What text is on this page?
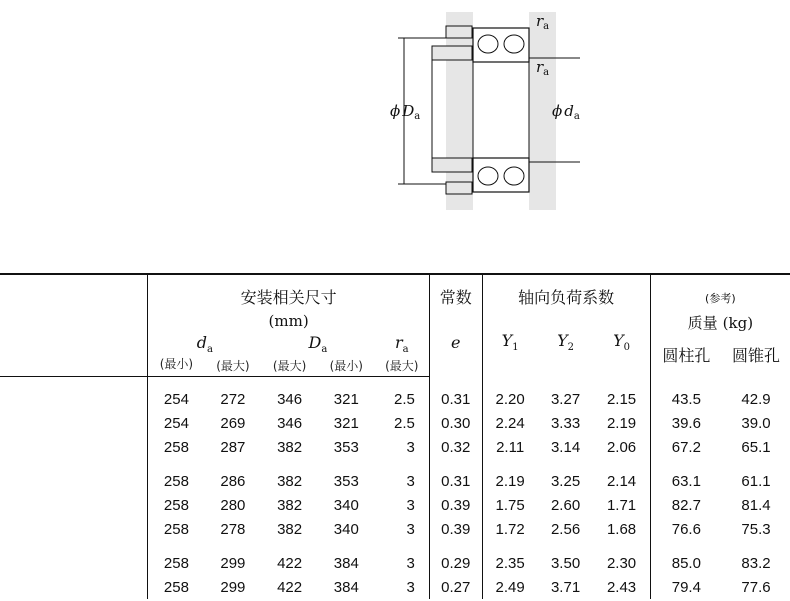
$r_a$
$r_a$
ϕ $D_a$	ϕ $d_a$
	安装相关尺寸					常数	轴向负荷系数			(参考)	
	(mm)					e	$Y_1$	$Y_2$	$Y_0$	质量 (kg)	
	$d_a$		$D_a$		$r_a$					圆柱孔	圆锥孔
	(最小)	(最大)	(最大)	(最小)	(最大)						

	254	272	346	321	2.5	0.31	2.20	3.27	2.15	43.5	42.9
	254	269	346	321	2.5	0.30	2.24	3.33	2.19	39.6	39.0
	258	287	382	353	3	0.32	2.11	3.14	2.06	67.2	65.1

	258	286	382	353	3	0.31	2.19	3.25	2.14	63.1	61.1
	258	280	382	340	3	0.39	1.75	2.60	1.71	82.7	81.4
	258	278	382	340	3	0.39	1.72	2.56	1.68	76.6	75.3

	258	299	422	384	3	0.29	2.35	3.50	2.30	85.0	83.2
	258	299	422	384	3	0.27	2.49	3.71	2.43	79.4	77.6
